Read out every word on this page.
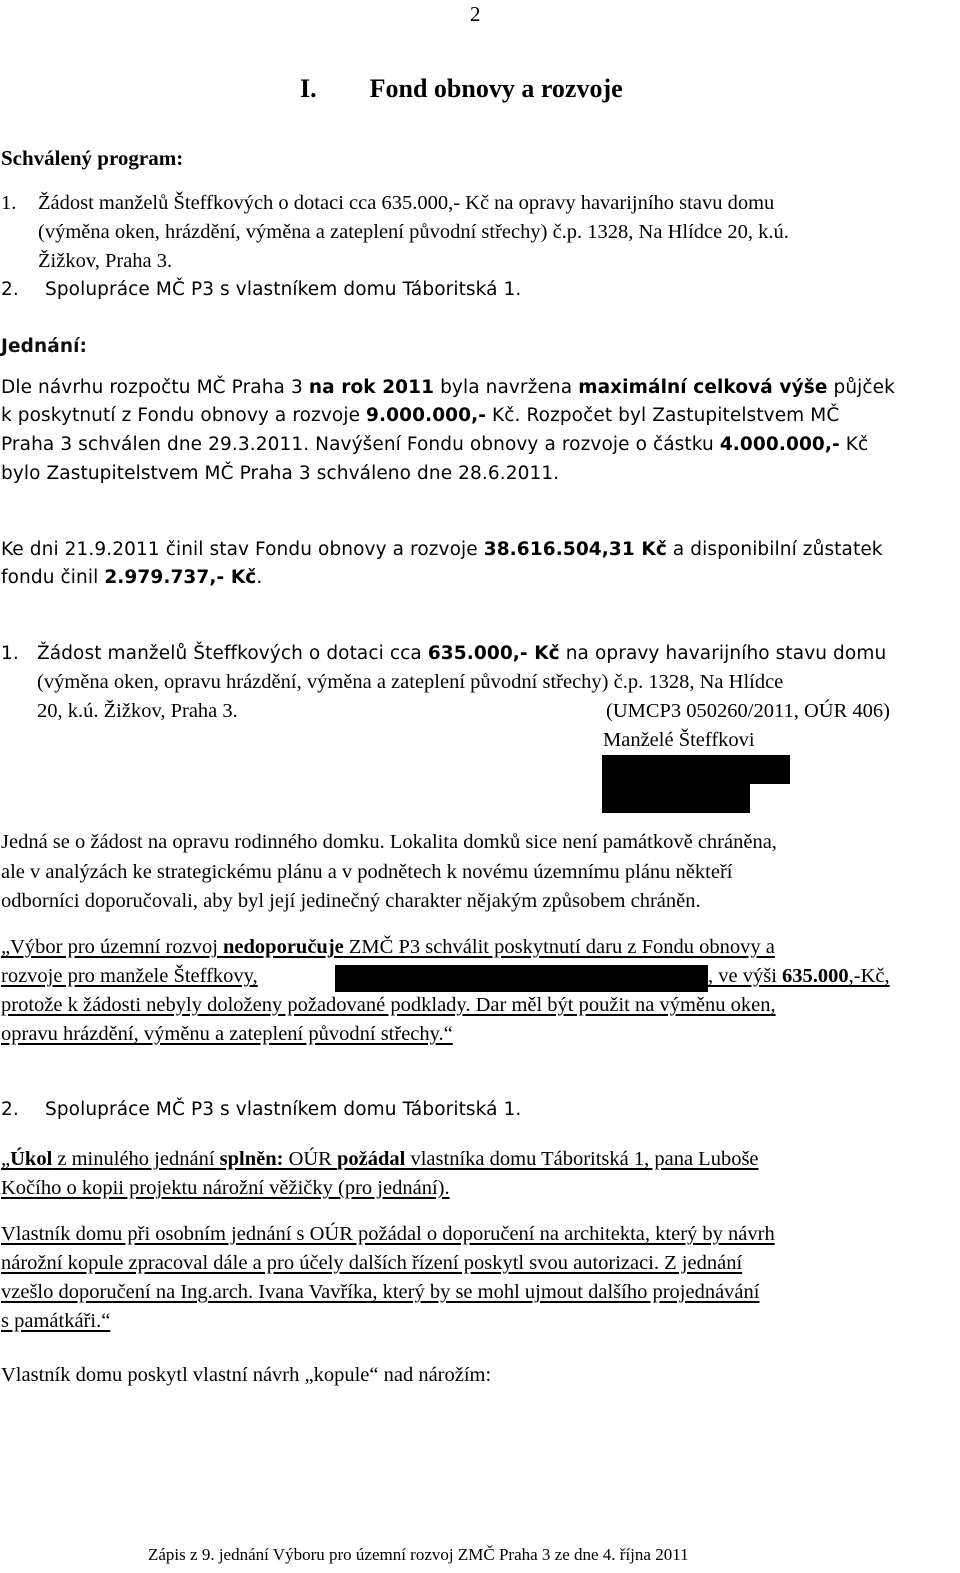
2
I. Fond obnovy a rozvoje
Schválený program:
1. Žádost manželů Šteffkových o dotaci cca 635.000,- Kč na opravy havarijního stavu domu
(výměna oken, hrázdění, výměna a zateplení původní střechy) č.p. 1328, Na Hlídce 20, k.ú.
Žižkov, Praha 3.
2. Spolupráce MČ P3 s vlastníkem domu Táboritská 1.
Jednání:
Dle návrhu rozpočtu MČ Praha 3 na rok 2011 byla navržena maximální celková výše půjček
k poskytnutí z Fondu obnovy a rozvoje 9.000.000,- Kč. Rozpočet byl Zastupitelstvem MČ
Praha 3 schválen dne 29.3.2011. Navýšení Fondu obnovy a rozvoje o částku 4.000.000,- Kč
bylo Zastupitelstvem MČ Praha 3 schváleno dne 28.6.2011.
Ke dni 21.9.2011 činil stav Fondu obnovy a rozvoje 38.616.504,31 Kč a disponibilní zůstatek
fondu činil 2.979.737,- Kč.
1. Žádost manželů Šteffkových o dotaci cca 635.000,- Kč na opravy havarijního stavu domu
(výměna oken, opravu hrázdění, výměna a zateplení původní střechy) č.p. 1328, Na Hlídce
20, k.ú. Žižkov, Praha 3.	(UMCP3 050260/2011, OÚR 406)
Manželé Šteffkovi
Jedná se o žádost na opravu rodinného domku. Lokalita domků sice není památkově chráněna,
ale v analýzách ke strategickému plánu a v podnětech k novému územnímu plánu někteří
odborníci doporučovali, aby byl její jedinečný charakter nějakým způsobem chráněn.
„Výbor pro územní rozvoj nedoporučuje ZMČ P3 schválit poskytnutí daru z Fondu obnovy a
rozvoje pro manžele Šteffkovy,	, ve výši 635.000,-Kč,
protože k žádosti nebyly doloženy požadované podklady. Dar měl být použit na výměnu oken,
opravu hrázdění, výměnu a zateplení původní střechy.“
2. Spolupráce MČ P3 s vlastníkem domu Táboritská 1.
„Úkol z minulého jednání splněn: OÚR požádal vlastníka domu Táboritská 1, pana Luboše
Kočího o kopii projektu nárožní věžičky (pro jednání).
Vlastník domu při osobním jednání s OÚR požádal o doporučení na architekta, který by návrh
nárožní kopule zpracoval dále a pro účely dalších řízení poskytl svou autorizaci. Z jednání
vzešlo doporučení na Ing.arch. Ivana Vavříka, který by se mohl ujmout dalšího projednávání
s památkáři.“
Vlastník domu poskytl vlastní návrh „kopule“ nad nárožím:
Zápis z 9. jednání Výboru pro územní rozvoj ZMČ Praha 3 ze dne 4. října 2011
